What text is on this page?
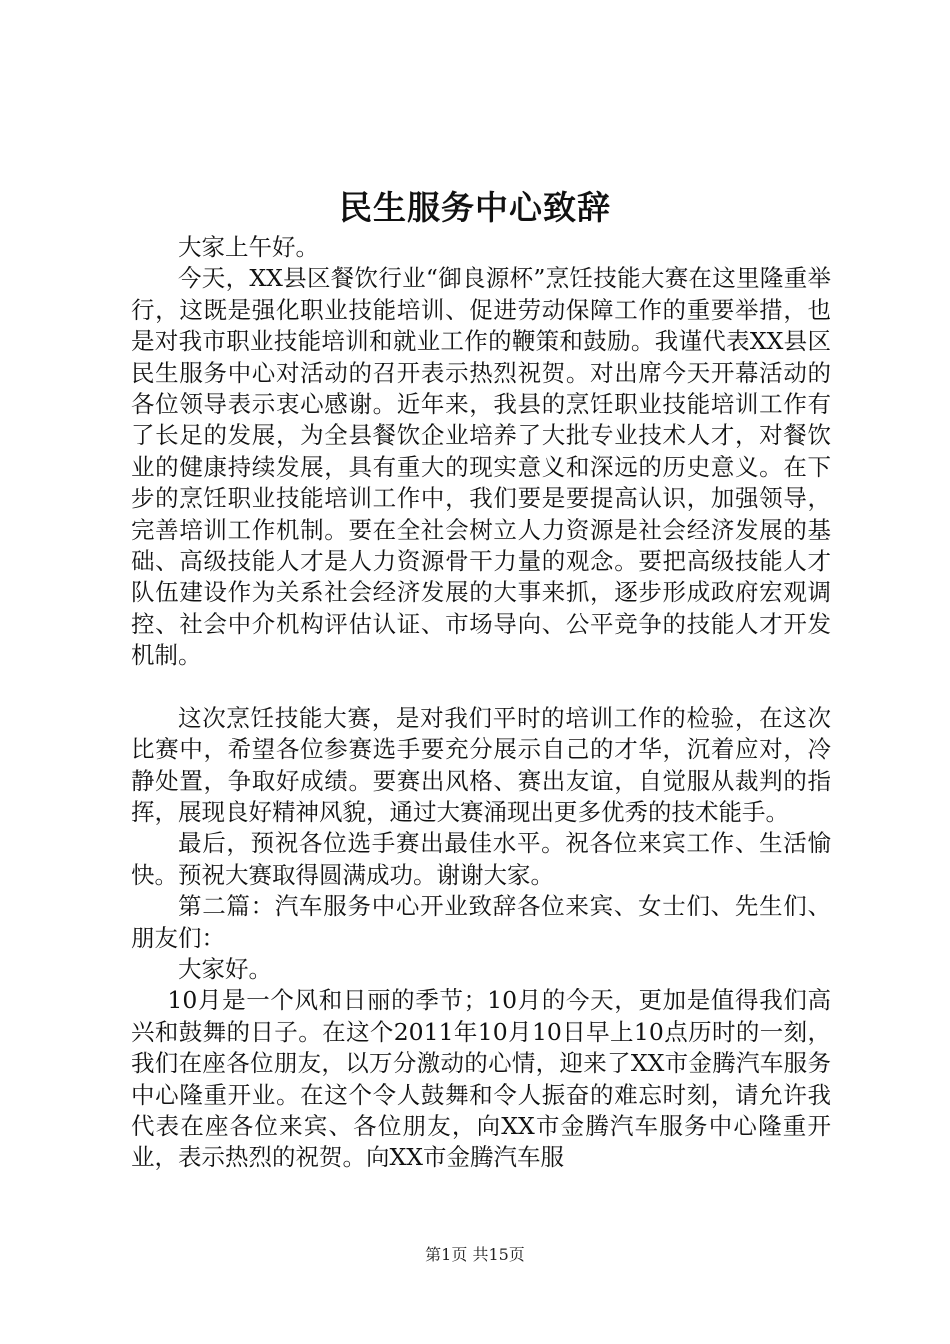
民生服务中心致辞

大家上午好。

今天，XX县区餐饮行业“御良源杯”烹饪技能大赛在这里隆重举行，这既是强化职业技能培训、促进劳动保障工作的重要举措，也是对我市职业技能培训和就业工作的鞭策和鼓励。我谨代表XX县区民生服务中心对活动的召开表示热烈祝贺。对出席今天开幕活动的各位领导表示衷心感谢。近年来，我县的烹饪职业技能培训工作有了长足的发展，为全县餐饮企业培养了大批专业技术人才，对餐饮业的健康持续发展，具有重大的现实意义和深远的历史意义。在下步的烹饪职业技能培训工作中，我们要是要提高认识，加强领导，完善培训工作机制。要在全社会树立人力资源是社会经济发展的基础、高级技能人才是人力资源骨干力量的观念。要把高级技能人才队伍建设作为关系社会经济发展的大事来抓，逐步形成政府宏观调控、社会中介机构评估认证、市场导向、公平竞争的技能人才开发机制。

这次烹饪技能大赛，是对我们平时的培训工作的检验，在这次比赛中，希望各位参赛选手要充分展示自己的才华，沉着应对，冷静处置，争取好成绩。要赛出风格、赛出友谊，自觉服从裁判的指挥，展现良好精神风貌，通过大赛涌现出更多优秀的技术能手。

最后，预祝各位选手赛出最佳水平。祝各位来宾工作、生活愉快。预祝大赛取得圆满成功。谢谢大家。

第二篇：汽车服务中心开业致辞各位来宾、女士们、先生们、朋友们：

大家好。

10月是一个风和日丽的季节；10月的今天，更加是值得我们高兴和鼓舞的日子。在这个2011年10月10日早上10点历时的一刻，我们在座各位朋友，以万分激动的心情，迎来了XX市金腾汽车服务中心隆重开业。在这个令人鼓舞和令人振奋的难忘时刻，请允许我代表在座各位来宾、各位朋友，向XX市金腾汽车服务中心隆重开业，表示热烈的祝贺。向XX市金腾汽车服

第1页 共15页
